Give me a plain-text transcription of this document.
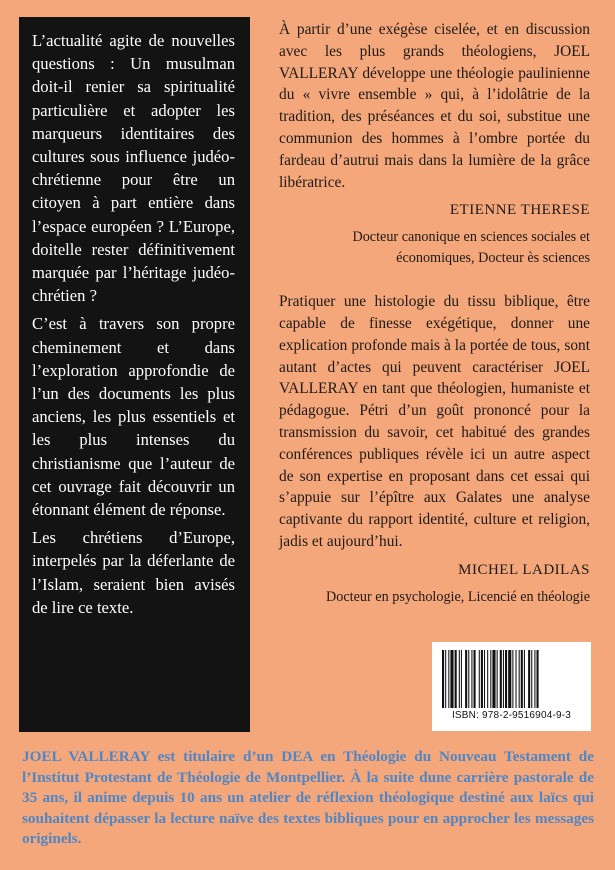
L’actualité agite de nouvelles questions : Un musulman doit-il renier sa spiritualité particulière et adopter les marqueurs identitaires des cultures sous influence judéo-chrétienne pour être un citoyen à part entière dans l’espace européen ? L’Europe, doitelle rester définitivement marquée par l’héritage judéo-chrétien ?

C’est à travers son propre cheminement et dans l’exploration approfondie de l’un des documents les plus anciens, les plus essentiels et les plus intenses du christianisme que l’auteur de cet ouvrage fait découvrir un étonnant élément de réponse.

Les chrétiens d’Europe, interpelés par la déferlante de l’Islam, seraient bien avisés de lire ce texte.

À partir d’une exégèse ciselée, et en discussion avec les plus grands théologiens, JOEL VALLERAY développe une théologie paulinienne du « vivre ensemble » qui, à l’idolâtrie de la tradition, des préséances et du soi, substitue une communion des hommes à l’ombre portée du fardeau d’autrui mais dans la lumière de la grâce libératrice.

ETIENNE THERESE
Docteur canonique en sciences sociales et économiques, Docteur ès sciences

Pratiquer une histologie du tissu biblique, être capable de finesse exégétique, donner une explication profonde mais à la portée de tous, sont autant d’actes qui peuvent caractériser JOEL VALLERAY en tant que théologien, humaniste et pédagogue. Pétri d’un goût prononcé pour la transmission du savoir, cet habitué des grandes conférences publiques révèle ici un autre aspect de son expertise en proposant dans cet essai qui s’appuie sur l’épître aux Galates une analyse captivante du rapport identité, culture et religion, jadis et aujourd’hui.

MICHEL LADILAS
Docteur en psychologie, Licencié en théologie
ISBN: 978-2-9516904-9-3

JOEL VALLERAY est titulaire d’un DEA en Théologie du Nouveau Testament de l’Institut Protestant de Théologie de Montpellier. À la suite dune carrière pastorale de 35 ans, il anime depuis 10 ans un atelier de réflexion théologique destiné aux laïcs qui souhaitent dépasser la lecture naïve des textes bibliques pour en approcher les messages originels.
